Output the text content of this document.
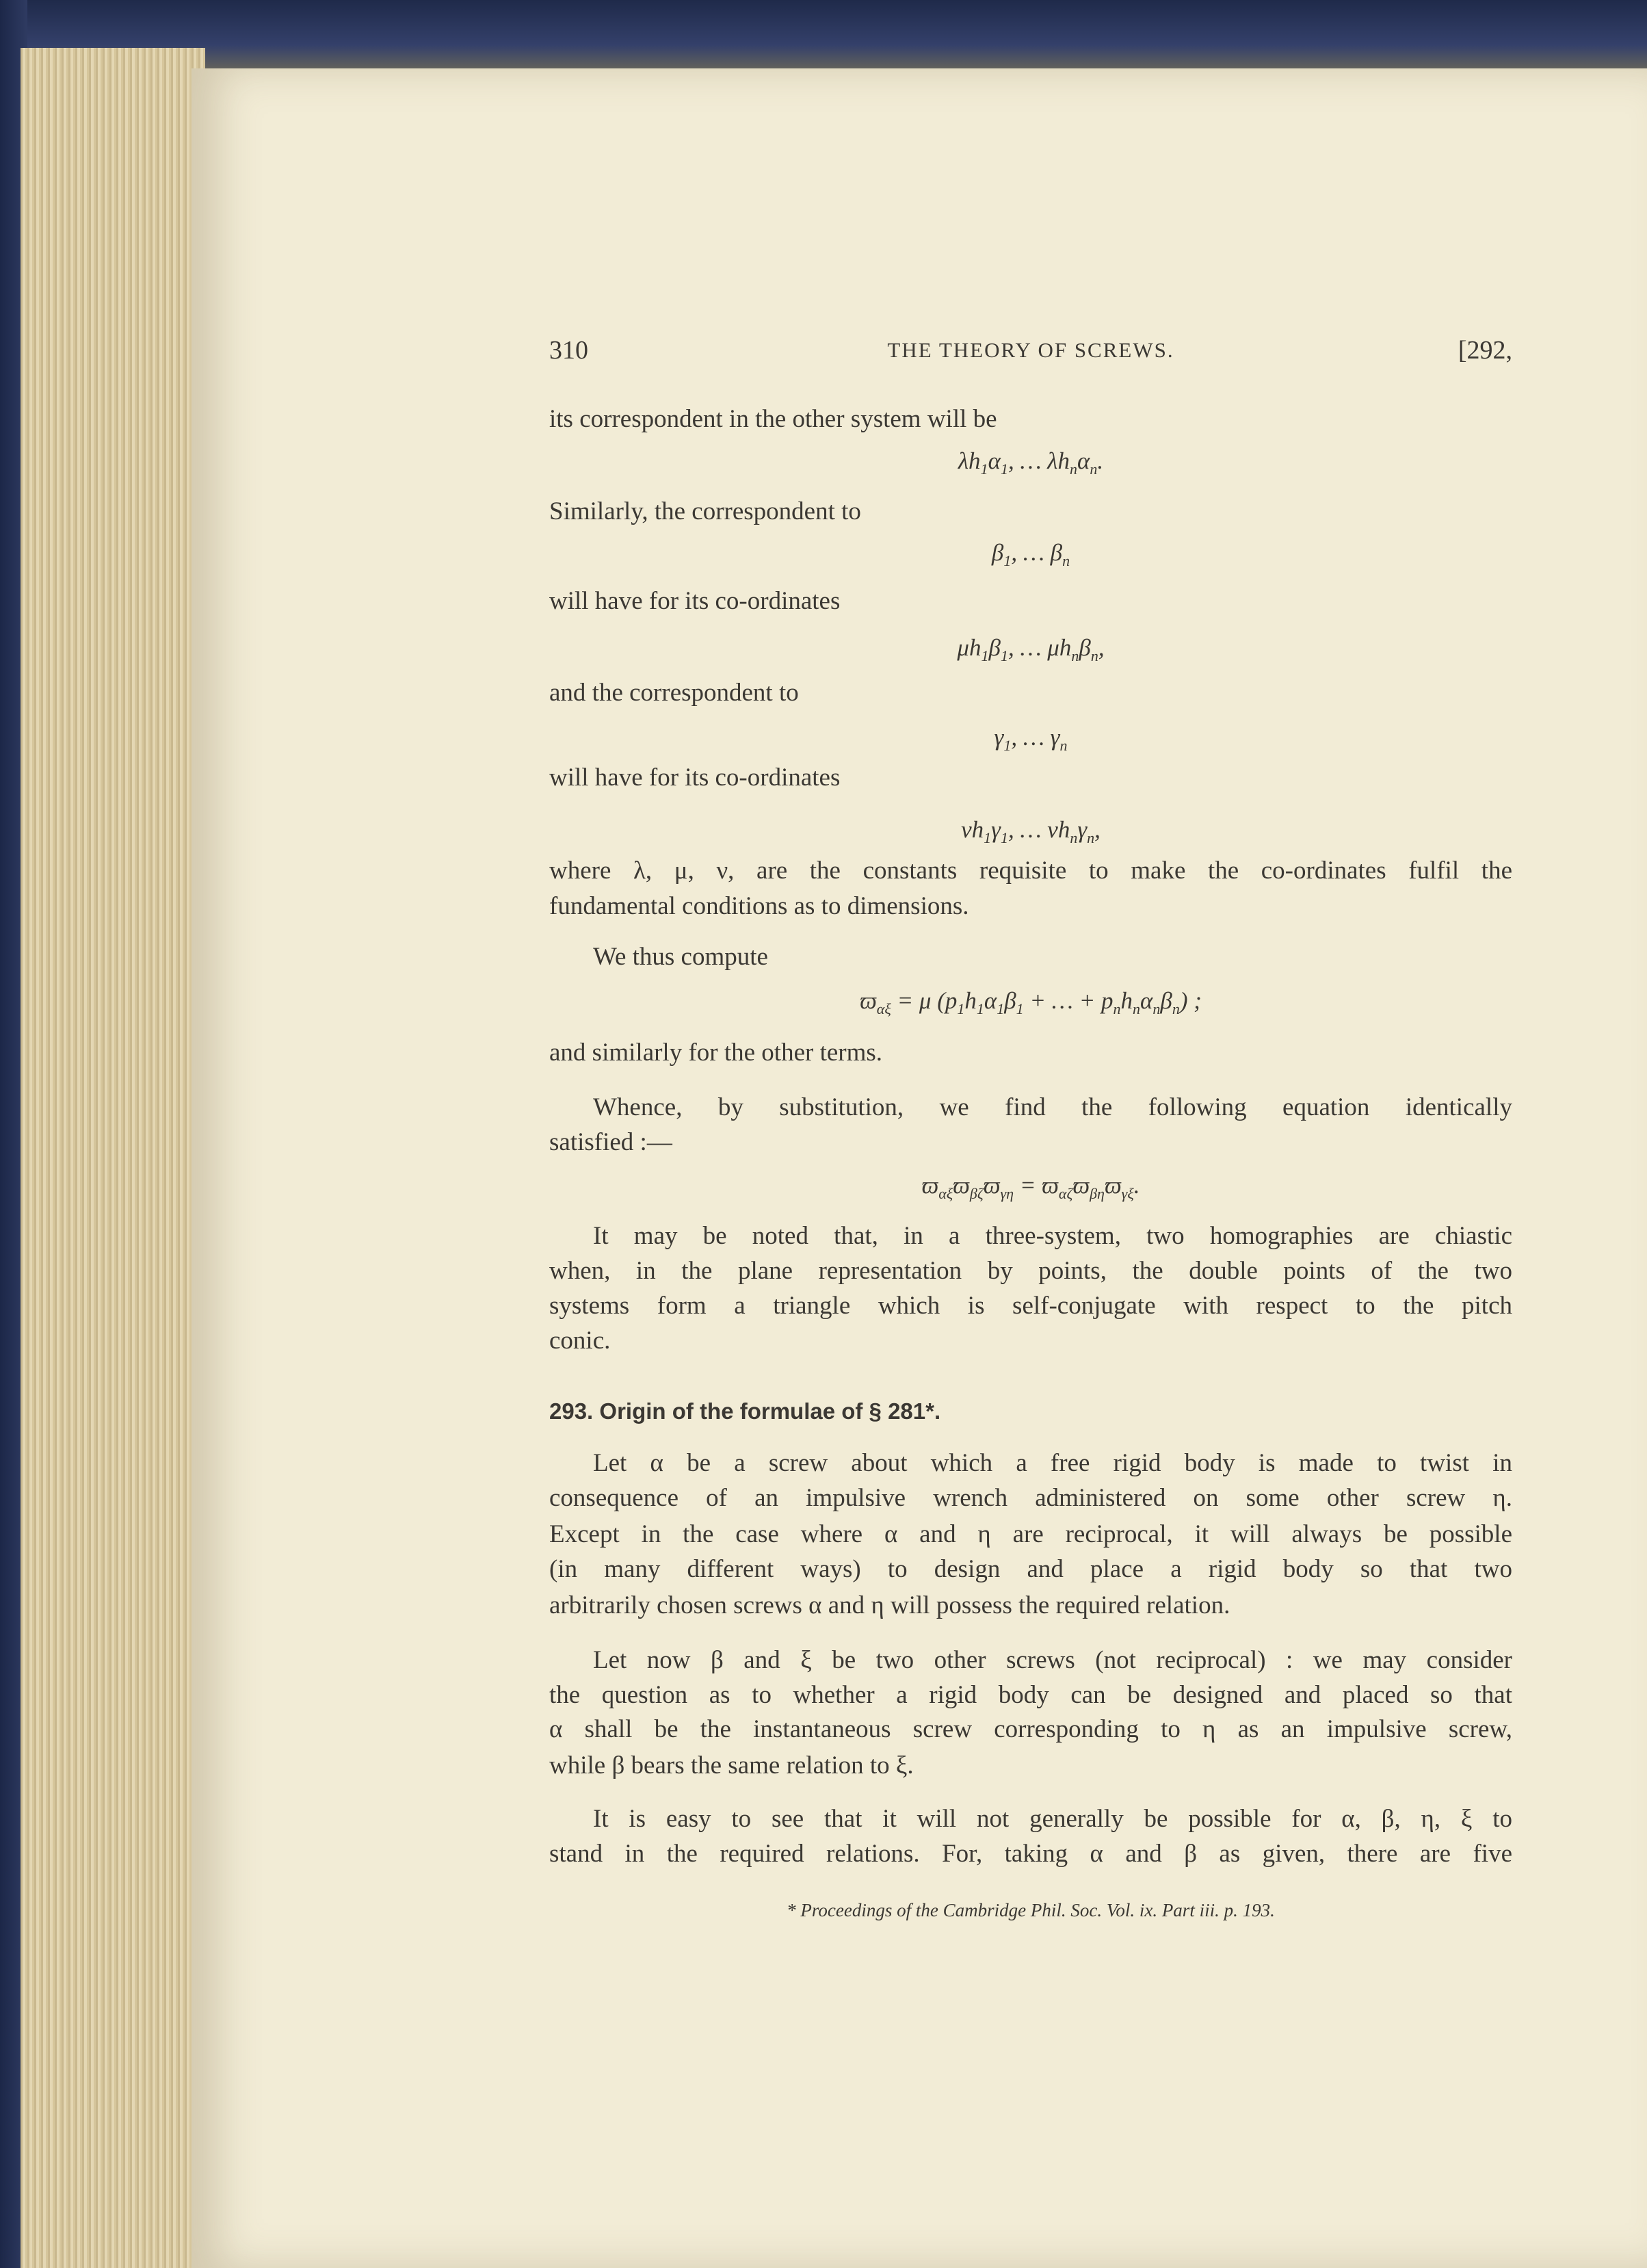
310	THE THEORY OF SCREWS.	[292,
its correspondent in the other system will be
$\lambda h_1\alpha_1$, … $\lambda h_n\alpha_n$.
Similarly, the correspondent to
$\beta_1$, … $\beta_n$
will have for its co-ordinates
$\mu h_1\beta_1$, … $\mu h_n\beta_n$,
and the correspondent to
$\gamma_1$, … $\gamma_n$
will have for its co-ordinates
$\nu h_1\gamma_1$, … $\nu h_n\gamma_n$,
where λ, μ, ν, are the constants requisite to make the co-ordinates fulfil the
fundamental conditions as to dimensions.
We thus compute
$ϖ_{\alpha\xi} = \mu$ ($p_1h_1\alpha_1\beta_1$ + … + $p_nh_n\alpha_n\beta_n$) ;
and similarly for the other terms.
Whence, by substitution, we find the following equation identically
satisfied :—
$ϖ_{\alpha\xi}ϖ_{\beta\zeta}ϖ_{\gamma\eta} = ϖ_{\alpha\zeta}ϖ_{\beta\eta}ϖ_{\gamma\xi}$.
It may be noted that, in a three-system, two homographies are chiastic
when, in the plane representation by points, the double points of the two
systems form a triangle which is self-conjugate with respect to the pitch
conic.
293. Origin of the formulae of § 281*.
Let α be a screw about which a free rigid body is made to twist in
consequence of an impulsive wrench administered on some other screw η.
Except in the case where α and η are reciprocal, it will always be possible
(in many different ways) to design and place a rigid body so that two
arbitrarily chosen screws α and η will possess the required relation.
Let now β and ξ be two other screws (not reciprocal) : we may consider
the question as to whether a rigid body can be designed and placed so that
α shall be the instantaneous screw corresponding to η as an impulsive screw,
while β bears the same relation to ξ.
It is easy to see that it will not generally be possible for α, β, η, ξ to
stand in the required relations. For, taking α and β as given, there are five
* Proceedings of the Cambridge Phil. Soc. Vol. ix. Part iii. p. 193.
